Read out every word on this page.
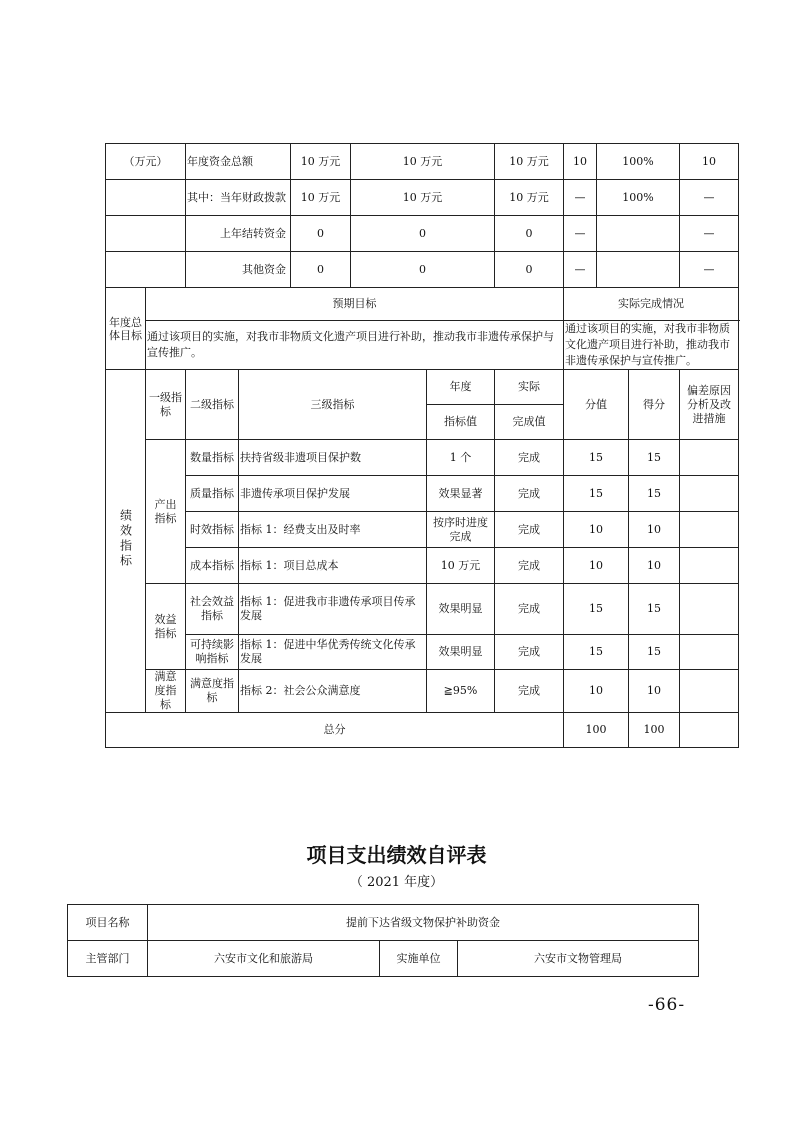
（万元）		年度资金总额		10 万元	10 万元		10 万元	10	100%		10
		其中：当年财政拨款		10 万元	10 万元		10 万元	—	100%		—
		上年结转资金		0	0		0	—			—
		其他资金		0	0		0	—			—
年度总体目标	预期目标							实际完成情况			
	通过该项目的实施，对我市非物质文化遗产项目进行补助，推动我市非遗传承保护与宣传推广。							通过该项目的实施，对我市非物质文化遗产项目进行补助，推动我市非遗传承保护与宣传推广。			
绩效指标	一级指标	二级指标	三级指标			年度	实际	分值		得分	偏差原因分析及改进措施
						指标值	完成值				
	产出指标	数量指标	扶持省级非遗项目保护数			1 个	完成	15		15	
		质量指标	非遗传承项目保护发展			效果显著	完成	15		15	
		时效指标	指标 1：经费支出及时率			按序时进度完成	完成	10		10	
		成本指标	指标 1：项目总成本			10 万元	完成	10		10	
	效益指标	社会效益指标	指标 1：促进我市非遗传承项目传承发展			效果明显	完成	15		15	
		可持续影响指标	指标 1：促进中华优秀传统文化传承发展			效果明显	完成	15		15	
	满意度指标	满意度指标	指标 2：社会公众满意度			≧95%	完成	10		10	
总分								100		100	
项目支出绩效自评表
（ 2021 年度）
项目名称	提前下达省级文物保护补助资金		
主管部门	六安市文化和旅游局	实施单位	六安市文物管理局
-66-
